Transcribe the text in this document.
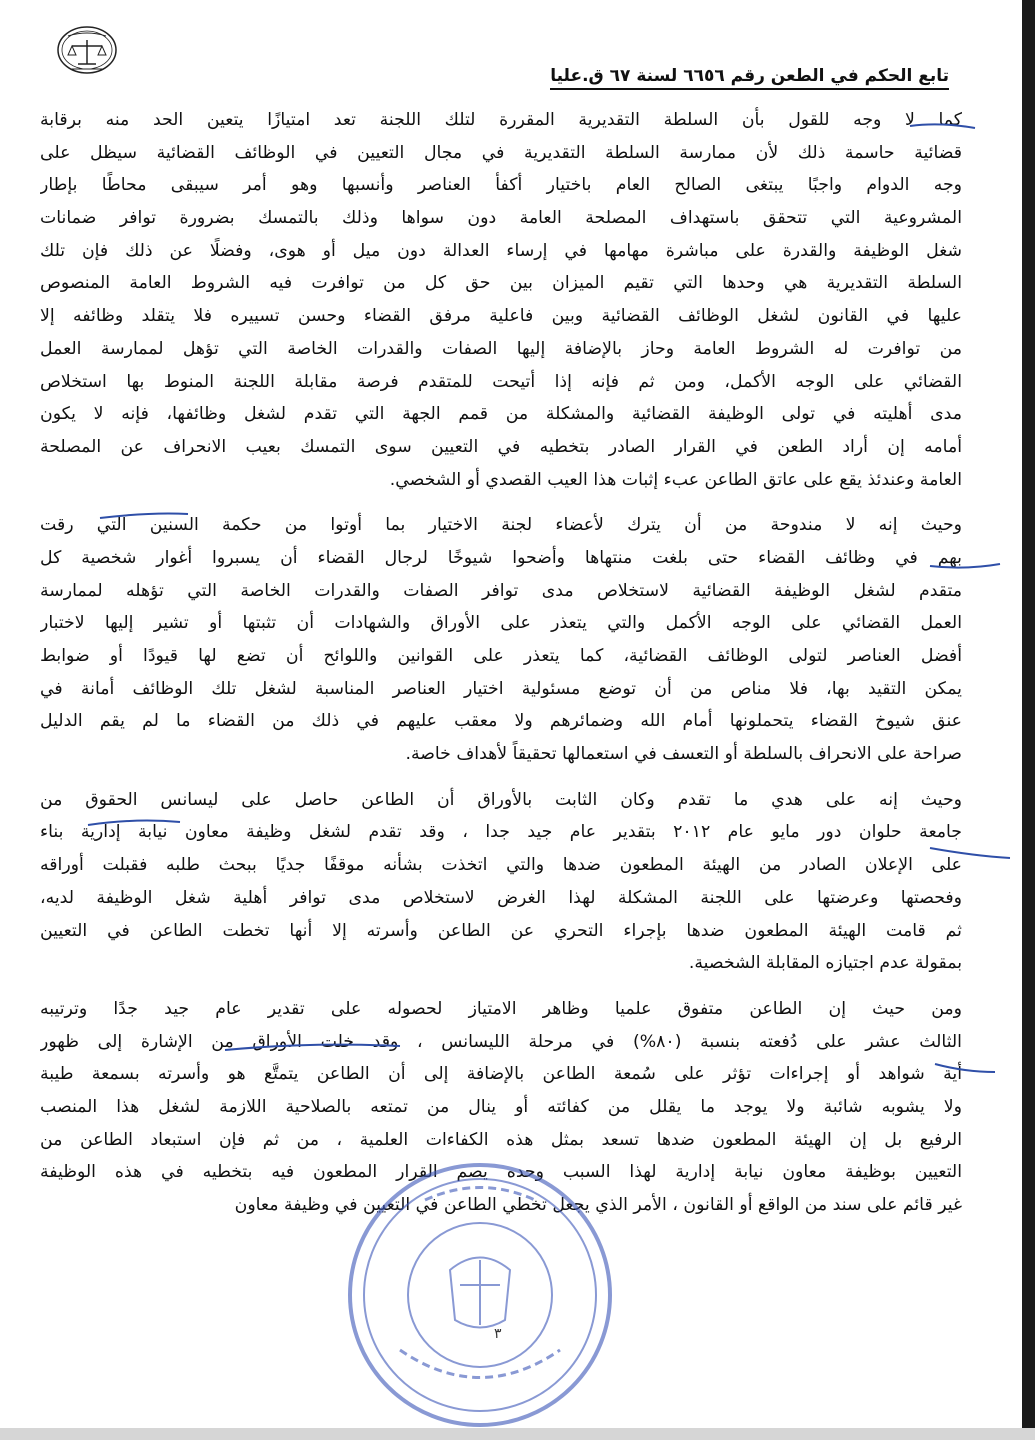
تابع الحكم في الطعن رقم ٦٦٥٦ لسنة ٦٧ ق.عليا
كما لا وجه للقول بأن السلطة التقديرية المقررة لتلك اللجنة تعد امتيازًا يتعين الحد منه برقابة
قضائية حاسمة ذلك لأن ممارسة السلطة التقديرية في مجال التعيين في الوظائف القضائية سيظل على
وجه الدوام واجبًا يبتغى الصالح العام باختيار أكفأ العناصر وأنسبها وهو أمر سيبقى محاطًا بإطار
المشروعية التي تتحقق باستهداف المصلحة العامة دون سواها وذلك بالتمسك بضرورة توافر ضمانات
شغل الوظيفة والقدرة على مباشرة مهامها في إرساء العدالة دون ميل أو هوى، وفضلًا عن ذلك فإن تلك
السلطة التقديرية هي وحدها التي تقيم الميزان بين حق كل من توافرت فيه الشروط العامة المنصوص
عليها في القانون لشغل الوظائف القضائية وبين فاعلية مرفق القضاء وحسن تسييره فلا يتقلد وظائفه إلا
من توافرت له الشروط العامة وحاز بالإضافة إليها الصفات والقدرات الخاصة التي تؤهل لممارسة العمل
القضائي على الوجه الأكمل، ومن ثم فإنه إذا أتيحت للمتقدم فرصة مقابلة اللجنة المنوط بها استخلاص
مدى أهليته في تولى الوظيفة القضائية والمشكلة من قمم الجهة التي تقدم لشغل وظائفها، فإنه لا يكون
أمامه إن أراد الطعن في القرار الصادر بتخطيه في التعيين سوى التمسك بعيب الانحراف عن المصلحة
العامة وعندئذ يقع على عاتق الطاعن عبء إثبات هذا العيب القصدي أو الشخصي.
وحيث إنه لا مندوحة من أن يترك لأعضاء لجنة الاختيار بما أوتوا من حكمة السنين التي رقت
بهم في وظائف القضاء حتى بلغت منتهاها وأضحوا شيوخًا لرجال القضاء أن يسبروا أغوار شخصية كل
متقدم لشغل الوظيفة القضائية لاستخلاص مدى توافر الصفات والقدرات الخاصة التي تؤهله لممارسة
العمل القضائي على الوجه الأكمل والتي يتعذر على الأوراق والشهادات أن تثبتها أو تشير إليها لاختبار
أفضل العناصر لتولى الوظائف القضائية، كما يتعذر على القوانين واللوائح أن تضع لها قيودًا أو ضوابط
يمكن التقيد بها، فلا مناص من أن توضع مسئولية اختيار العناصر المناسبة لشغل تلك الوظائف أمانة في
عنق شيوخ القضاء يتحملونها أمام الله وضمائرهم ولا معقب عليهم في ذلك من القضاء ما لم يقم الدليل
صراحة على الانحراف بالسلطة أو التعسف في استعمالها تحقيقاً لأهداف خاصة.
وحيث إنه على هدي ما تقدم وكان الثابت بالأوراق أن الطاعن حاصل على ليسانس الحقوق من
جامعة حلوان دور مايو عام ٢٠١٢ بتقدير عام جيد جدا ، وقد تقدم لشغل وظيفة معاون نيابة إدارية بناء
على الإعلان الصادر من الهيئة المطعون ضدها والتي اتخذت بشأنه موقفًا جديًا ببحث طلبه فقبلت أوراقه
وفحصتها وعرضتها على اللجنة المشكلة لهذا الغرض لاستخلاص مدى توافر أهلية شغل الوظيفة لديه،
ثم قامت الهيئة المطعون ضدها بإجراء التحري عن الطاعن وأسرته إلا أنها تخطت الطاعن في التعيين
بمقولة عدم اجتيازه المقابلة الشخصية.
ومن حيث إن الطاعن متفوق علميا وظاهر الامتياز لحصوله على تقدير عام جيد جدًا وترتيبه
الثالث عشر على دُفعته بنسبة (٨٠%) في مرحلة الليسانس ، وقد خلت الأوراق من الإشارة إلى ظهور
أية شواهد أو إجراءات تؤثر على سُمعة الطاعن بالإضافة إلى أن الطاعن يتمتَّع هو وأسرته بسمعة طيبة
ولا يشوبه شائبة ولا يوجد ما يقلل من كفائته أو ينال من تمتعه بالصلاحية اللازمة لشغل هذا المنصب
الرفيع بل إن الهيئة المطعون ضدها تسعد بمثل هذه الكفاءات العلمية ، من ثم فإن استبعاد الطاعن من
التعيين بوظيفة معاون نيابة إدارية لهذا السبب وحده يصم القرار المطعون فيه بتخطيه في هذه الوظيفة
غير قائم على سند من الواقع أو القانون ، الأمر الذي يجعل تخطي الطاعن في التعيين في وظيفة معاون
٣
